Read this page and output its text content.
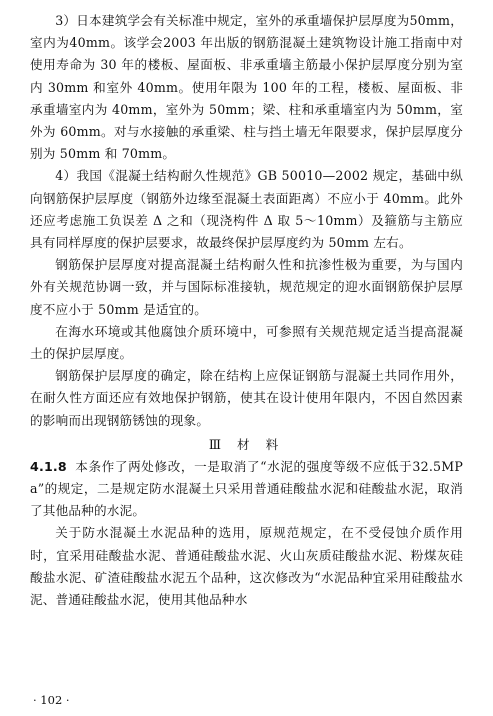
3）日本建筑学会有关标准中规定，室外的承重墙保护层厚度为50mm，室内为40mm。该学会2003 年出版的钢筋混凝土建筑物设计施工指南中对使用寿命为 30 年的楼板、屋面板、非承重墙主筋最小保护层厚度分别为室内 30mm 和室外 40mm。使用年限为 100 年的工程，楼板、屋面板、非承重墙室内为 40mm，室外为 50mm；梁、柱和承重墙室内为 50mm，室外为 60mm。对与水接触的承重梁、柱与挡土墙无年限要求，保护层厚度分别为 50mm 和 70mm。

4）我国《混凝土结构耐久性规范》GB 50010—2002 规定，基础中纵向钢筋保护层厚度（钢筋外边缘至混凝土表面距离）不应小于 40mm。此外还应考虑施工负误差 Δ 之和（现浇构件 Δ 取 5～10mm）及箍筋与主筋应具有同样厚度的保护层要求，故最终保护层厚度约为 50mm 左右。

钢筋保护层厚度对提高混凝土结构耐久性和抗渗性极为重要，为与国内外有关规范协调一致，并与国际标准接轨，规范规定的迎水面钢筋保护层厚度不应小于 50mm 是适宜的。

在海水环境或其他腐蚀介质环境中，可参照有关规范规定适当提高混凝土的保护层厚度。

钢筋保护层厚度的确定，除在结构上应保证钢筋与混凝土共同作用外，在耐久性方面还应有效地保护钢筋，使其在设计使用年限内，不因自然因素的影响而出现钢筋锈蚀的现象。

Ⅲ 材 料

4.1.8 本条作了两处修改，一是取消了“水泥的强度等级不应低于32.5MPa”的规定，二是规定防水混凝土只采用普通硅酸盐水泥和硅酸盐水泥，取消了其他品种的水泥。

关于防水混凝土水泥品种的选用，原规范规定，在不受侵蚀介质作用时，宜采用硅酸盐水泥、普通硅酸盐水泥、火山灰质硅酸盐水泥、粉煤灰硅酸盐水泥、矿渣硅酸盐水泥五个品种，这次修改为“水泥品种宜采用硅酸盐水泥、普通硅酸盐水泥，使用其他品种水

· 102 ·
